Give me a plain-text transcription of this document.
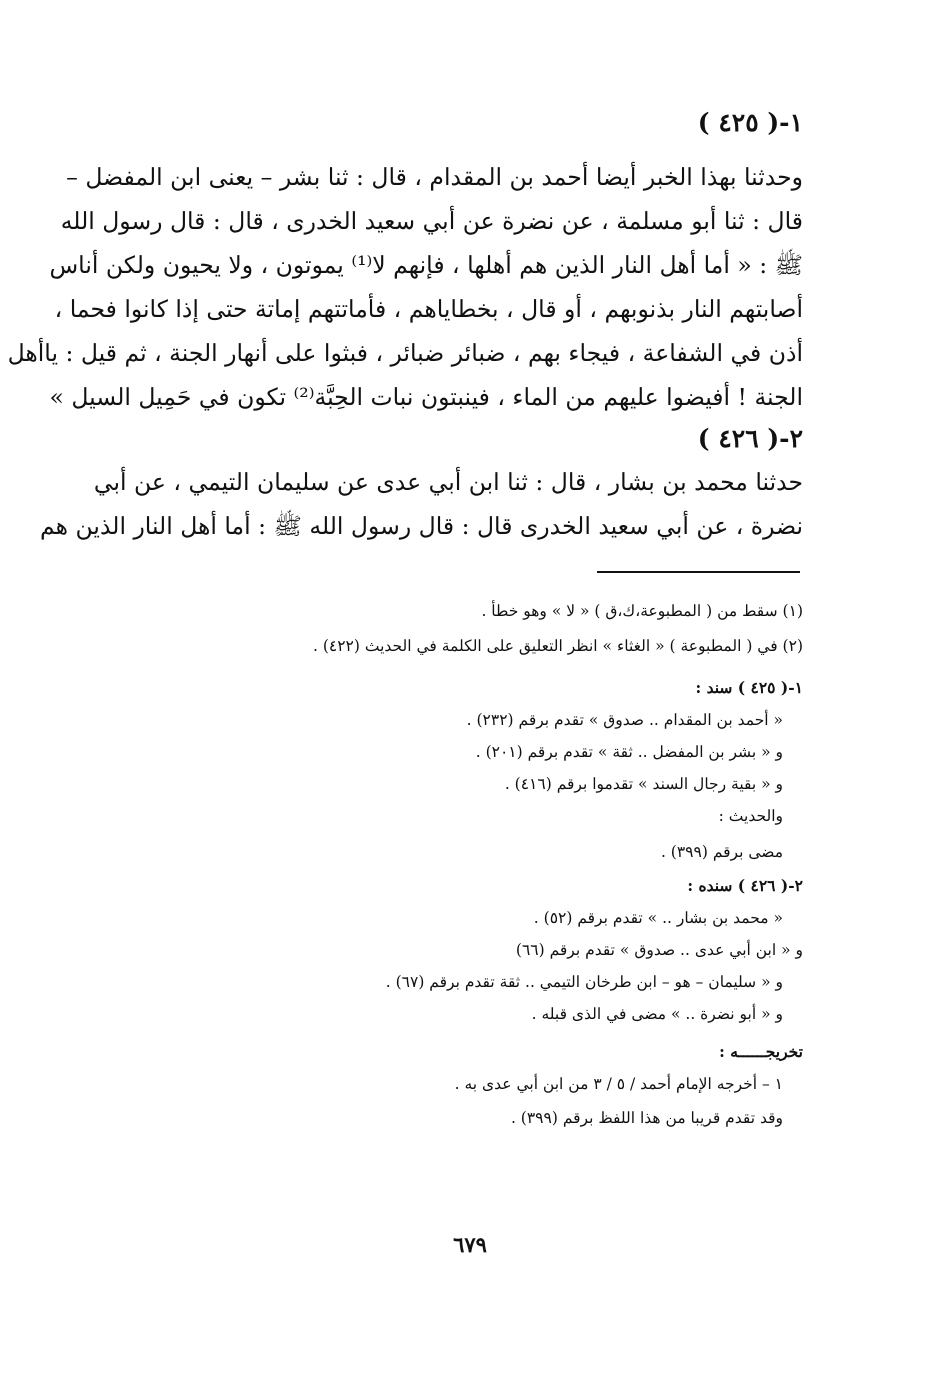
١-( ٤٢٥ )
وحدثنا بهذا الخبر أيضا أحمد بن المقدام ، قال : ثنا بشر – يعنى ابن المفضل –
قال : ثنا أبو مسلمة ، عن نضرة عن أبي سعيد الخدرى ، قال : قال رسول الله
ﷺ : « أما أهل النار الذين هم أهلها ، فإنهم لا⁽¹⁾ يموتون ، ولا يحيون ولكن أناس
أصابتهم النار بذنوبهم ، أو قال ، بخطاياهم ، فأماتتهم إماتة حتى إذا كانوا فحما ،
أذن في الشفاعة ، فيجاء بهم ، ضبائر ضبائر ، فبثوا على أنهار الجنة ، ثم قيل : ياأهل
الجنة ! أفيضوا عليهم من الماء ، فينبتون نبات الحِبَّة⁽²⁾ تكون في حَمِيل السيل »
٢-( ٤٢٦ )
حدثنا محمد بن بشار ، قال : ثنا ابن أبي عدى عن سليمان التيمي ، عن أبي
نضرة ، عن أبي سعيد الخدرى قال : قال رسول الله ﷺ : أما أهل النار الذين هم
(١) سقط من ( المطبوعة،ك،ق ) « لا » وهو خطأ .
(٢) في ( المطبوعة ) « الغثاء » انظر التعليق على الكلمة في الحديث (٤٢٢) .
١-( ٤٢٥ ) سند :
« أحمد بن المقدام .. صدوق » تقدم برقم (٢٣٢) .
و « بشر بن المفضل .. ثقة » تقدم برقم (٢٠١) .
و « بقية رجال السند » تقدموا برقم (٤١٦) .
والحديث :
مضى برقم (٣٩٩) .
٢-( ٤٢٦ ) سنده :
« محمد بن بشار .. » تقدم برقم (٥٢) .
و « ابن أبي عدى .. صدوق » تقدم برقم (٦٦)
و « سليمان – هو – ابن طرخان التيمي .. ثقة تقدم برقم (٦٧) .
و « أبو نضرة .. » مضى في الذى قبله .
تخريجــــــه :
١ – أخرجه الإمام أحمد / ٥ / ٣ من ابن أبي عدى به .
وقد تقدم قريبا من هذا اللفظ برقم (٣٩٩) .
٦٧٩
